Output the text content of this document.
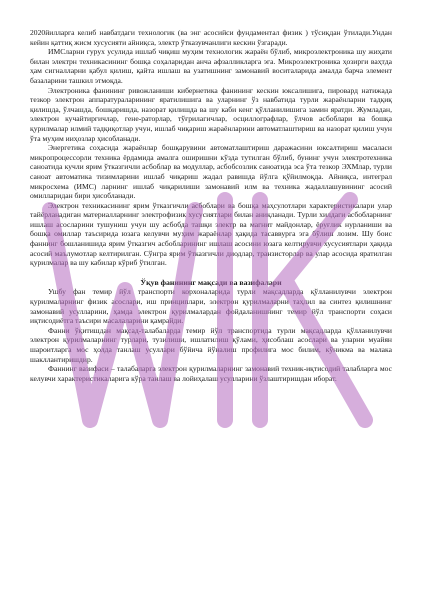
2020йилларга келиб навбатдаги технологик (ва энг асосийси фундаментал физик ) тўсиқдан ўтилади.Ундан кейин қаттиқ жисм хусусияти айниқса, электр ўтказувчанлиги кескин ўзгаради.

ИМСларни гурух усулида ишлаб чиқиш муҳим технологик жараён бўлиб, микроэлектроника шу жиҳати билан электрн техникасининг бошқа соҳаларидан анча афзалликларга эга. Микроэлектроника ҳозирги ваҳтда ҳам сигналларни қабул қилиш, қайта ишлаш ва узатишнинг замонавий воситаларида амалда барча элемент базаларини ташкил этмоқда.

Электроника фанининг ривожланиши кибернетика фанининг кескин юксалишига, пировард натижада тезкор электрон аппаратураларининг яратилишига ва уларнинг ўз навбатида турли жараёнларни тадқиқ қилишда, ўлчашда, бошқаришда, назорат қилишда ва шу каби кенг қўлланилишига замин яратди. Жумладан, электрон кучайтиргичлар, гене-раторлар, тўғрилагичлар, осциллографлар, ўлчов асбоблари ва бошқа қурилмалар илмий тадқиқотлар учун, ишлаб чиқариш жараёнларини автоматлаштириш ва назорат қилиш учун ўта муҳим ииҳозлар ҳисобланади.

Энергетика соҳасида жараёнлар бошқарувини автоматлаштириш даражасини юксалтириш масаласи микропроцессорли техника ёрдамида амалга оширишни кўзда тутилган бўлиб, бунинг учун электротехника саноатида кучли ярим ўтказгичли асбоблар ва модуллар, асбобсозлик саноатида эса ўта тезкор ЭХМлар, турли саноат автоматика тизимларини ишлаб чиқариш жадал равишда йўлга қўйилмоқда. Айниқса, интеграл микросхема (ИМС) ларнинг ишлаб чиқарилиши замонавий илм ва техника жадаллашувининг асосий омилларидан бири ҳисобланади.

Электрон техникасининг ярим ўтказгичли асбоблари ва бошқа маҳсулотлари характеристикалари улар тайёрланадиган материалларнинг электрофизик хусусиятлари билан аниқланади. Турли хилдаги асбобларнинг ишлаш асосларини тушуниш учун шу асбобда ташқи электр ва магнит майдонлар, ёруғлик нурланиши ва бошқа омиллар таъсирида юзага келувчи муҳим жараёнлар ҳақида тасаввурга эга бўлиш лозим. Шу боис фаннинг бошланишида ярим ўтказгич асбобларининг ишлаш асосини юзага келтирувчи хусусиятлари ҳақида асосий маълумотлар келтирилган. Сўнгра ярим ўтказгичли диодлар, транзисторлар ва улар асосида яратилган қурилмалар ва шу кабилар кўриб ўтилган.

Ўқув фанининг мақсади ва вазифалари

Ушбу фан темир йўл транспорти корхоналарида турли мақсадларда қўлланилувчи электрон қурилмаларнинг физик асослари, иш принциплари, электрон қурилмаларни таҳлил ва синтез қилишнинг замонавий усулларини, ҳамда электрон қурилмалардан фойдаланишнинг темир йўл транспорти соҳаси иқтисодиётга таъсири масалаларини қамрайди.

Фанни ўқитишдан мақсад-талабаларда темир йўл транспортида турли мақсадларда қўлланилувчи электрон қурилмаларнинг турлари, тузилиши, ишлатилиш қўлами, ҳисоблаш асослари ва уларни муайян шароитларга мос ҳолда танлаш усуллари бўйича йўналиш профилига мос билим, кўникма ва малака шакллантиришдир.

Фаннинг вазифаси – талабаларга электрон қурилмаларнинг замонавий техник-иқтисодий талабларга мос келувчи характеристикаларига кўра танлаш ва лойиҳалаш усулларини ўзлаштиришдан иборат.
